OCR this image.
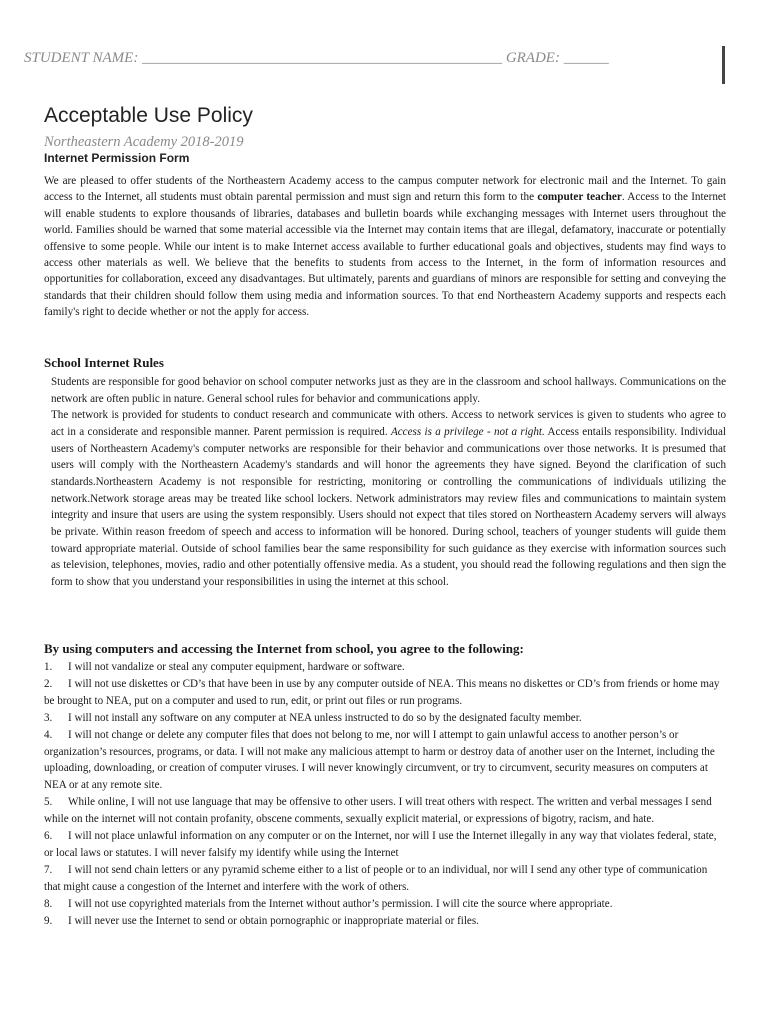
STUDENT NAME: ________________________________________________ GRADE: ______
Acceptable Use Policy
Northeastern Academy 2018-2019
Internet Permission Form

We are pleased to offer students of the Northeastern Academy access to the campus computer network for electronic mail and the Internet. To gain access to the Internet, all students must obtain parental permission and must sign and return this form to the computer teacher. Access to the Internet will enable students to explore thousands of libraries, databases and bulletin boards while exchanging messages with Internet users throughout the world. Families should be warned that some material accessible via the Internet may contain items that are illegal, defamatory, inaccurate or potentially offensive to some people. While our intent is to make Internet access available to further educational goals and objectives, students may find ways to access other materials as well. We believe that the benefits to students from access to the Internet, in the form of information resources and opportunities for collaboration, exceed any disadvantages. But ultimately, parents and guardians of minors are responsible for setting and conveying the standards that their children should follow them using media and information sources. To that end Northeastern Academy supports and respects each family's right to decide whether or not the apply for access.

School Internet Rules

Students are responsible for good behavior on school computer networks just as they are in the classroom and school hallways. Communications on the network are often public in nature. General school rules for behavior and communications apply.
The network is provided for students to conduct research and communicate with others. Access to network services is given to students who agree to act in a considerate and responsible manner. Parent permission is required. Access is a privilege - not a right. Access entails responsibility. Individual users of Northeastern Academy's computer networks are responsible for their behavior and communications over those networks. It is presumed that users will comply with the Northeastern Academy's standards and will honor the agreements they have signed. Beyond the clarification of such standards.Northeastern Academy is not responsible for restricting, monitoring or controlling the communications of individuals utilizing the network.Network storage areas may be treated like school lockers. Network administrators may review files and communications to maintain system integrity and insure that users are using the system responsibly. Users should not expect that tiles stored on Northeastern Academy servers will always be private. Within reason freedom of speech and access to information will be honored. During school, teachers of younger students will guide them toward appropriate material. Outside of school families bear the same responsibility for such guidance as they exercise with information sources such as television, telephones, movies, radio and other potentially offensive media. As a student, you should read the following regulations and then sign the form to show that you understand your responsibilities in using the internet at this school.

By using computers and accessing the Internet from school, you agree to the following:
1. I will not vandalize or steal any computer equipment, hardware or software.
2. I will not use diskettes or CD’s that have been in use by any computer outside of NEA. This means no diskettes or CD’s from friends or home may be brought to NEA, put on a computer and used to run, edit, or print out files or run programs.
3. I will not install any software on any computer at NEA unless instructed to do so by the designated faculty member.
4. I will not change or delete any computer files that does not belong to me, nor will I attempt to gain unlawful access to another person’s or organization’s resources, programs, or data. I will not make any malicious attempt to harm or destroy data of another user on the Internet, including the uploading, downloading, or creation of computer viruses. I will never knowingly circumvent, or try to circumvent, security measures on computers at NEA or at any remote site.
5. While online, I will not use language that may be offensive to other users. I will treat others with respect. The written and verbal messages I send while on the internet will not contain profanity, obscene comments, sexually explicit material, or expressions of bigotry, racism, and hate.
6. I will not place unlawful information on any computer or on the Internet, nor will I use the Internet illegally in any way that violates federal, state, or local laws or statutes. I will never falsify my identify while using the Internet
7. I will not send chain letters or any pyramid scheme either to a list of people or to an individual, nor will I send any other type of communication that might cause a congestion of the Internet and interfere with the work of others.
8. I will not use copyrighted materials from the Internet without author’s permission. I will cite the source where appropriate.
9. I will never use the Internet to send or obtain pornographic or inappropriate material or files.
